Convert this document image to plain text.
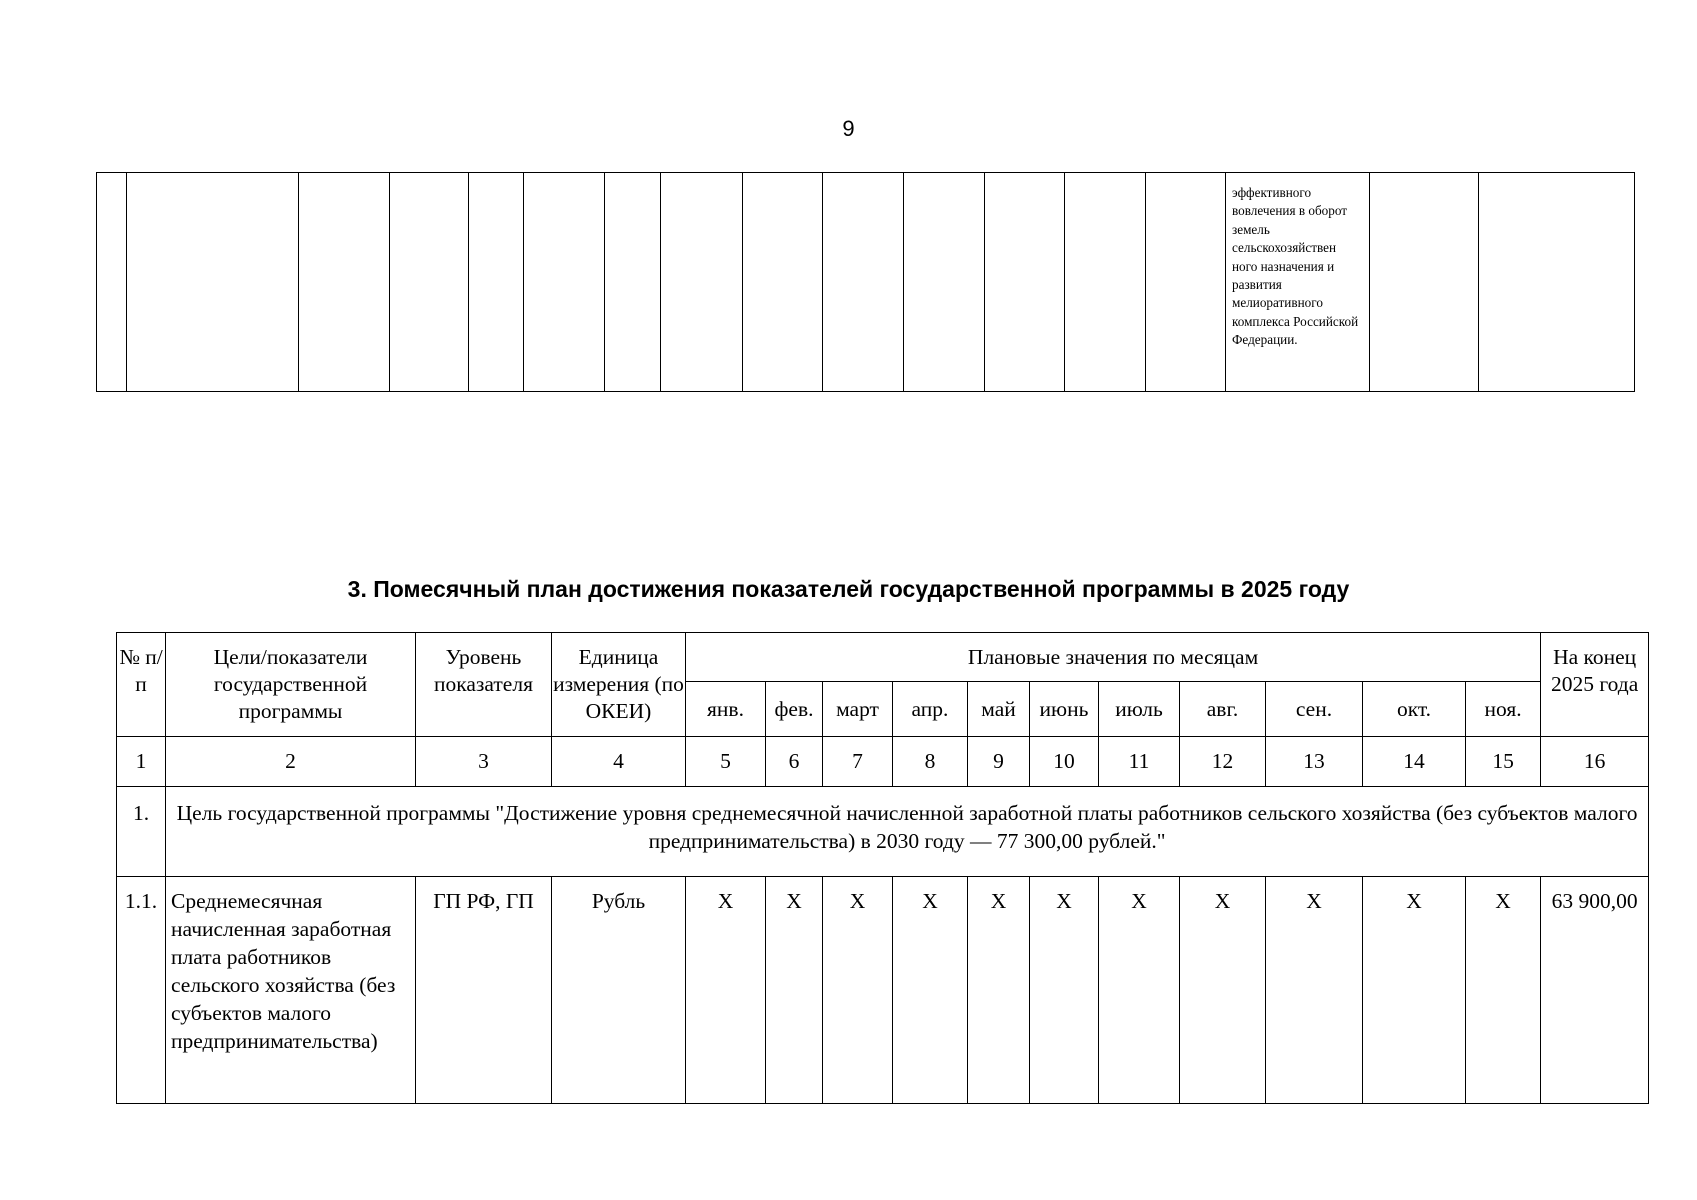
9
														эффективного вовлечения в оборот земель сельскохозяйствен ного назначения и развития мелиоративного комплекса Российской Федерации.		
3. Помесячный план достижения показателей государственной программы в 2025 году
№ п/п	Цели/показатели государственной программы	Уровень показателя	Единица измерения (по ОКЕИ)	Плановые значения по месяцам											На конец 2025 года
				янв.	фев.	март	апр.	май	июнь	июль	авг.	сен.	окт.	ноя.	
1	2	3	4	5	6	7	8	9	10	11	12	13	14	15	16
1.	Цель государственной программы "Достижение уровня среднемесячной начисленной заработной платы работников сельского хозяйства (без субъектов малого предпринимательства) в 2030 году — 77 300,00 рублей."														
1.1.	Среднемесячная начисленная заработная плата работников сельского хозяйства (без субъектов малого предпринимательства)	ГП РФ, ГП	Рубль	X	X	X	X	X	X	X	X	X	X	X	63 900,00
